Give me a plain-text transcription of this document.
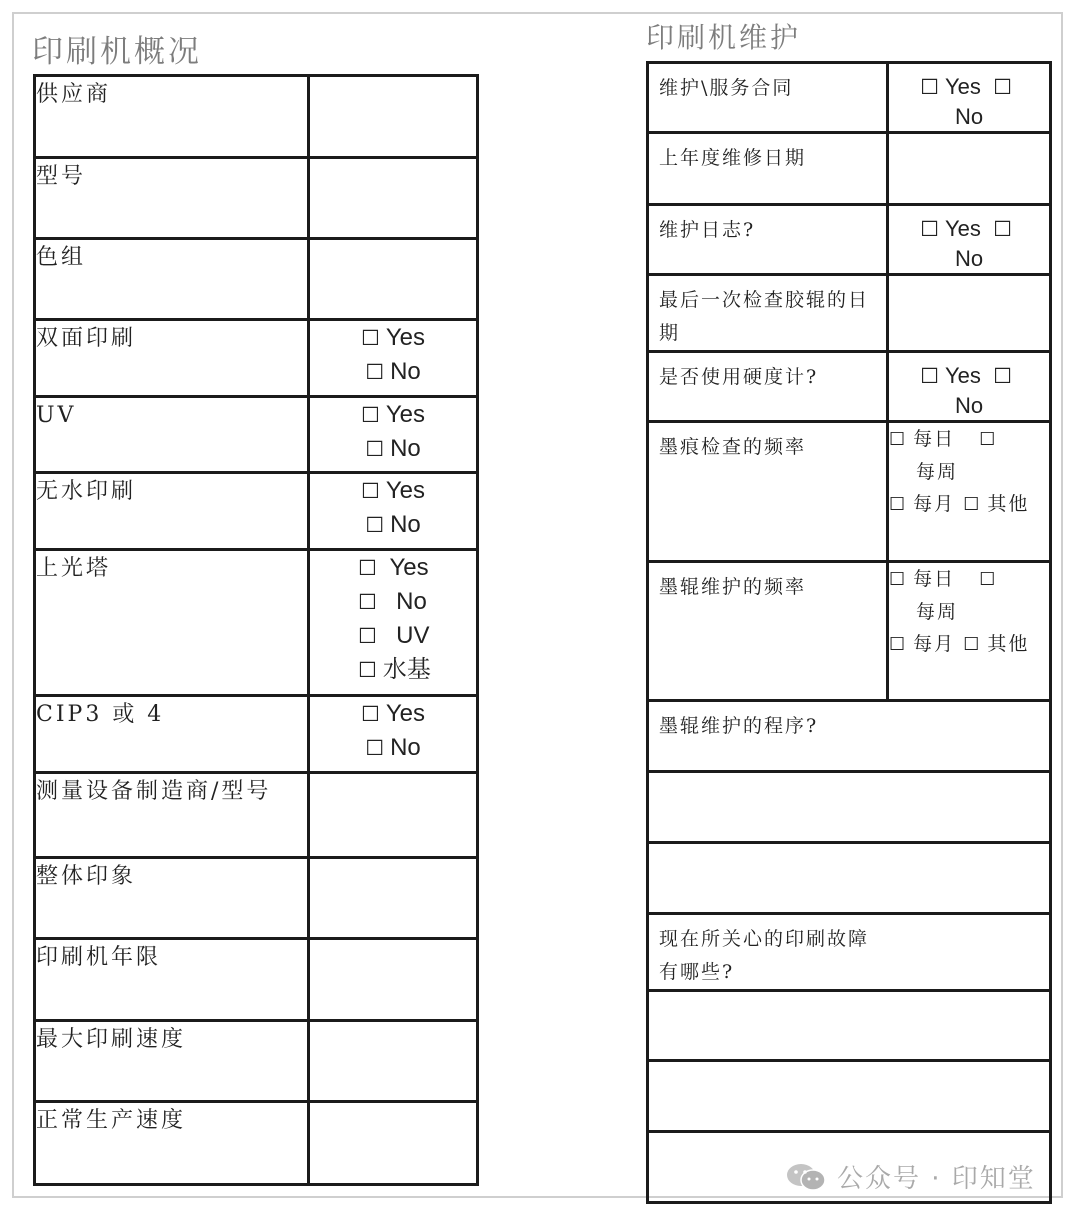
印刷机概况	印刷机维护
供应商	
型号	
色组	
双面印刷	☐ Yes
☐ No

UV	☐ Yes
☐ No

无水印刷	☐ Yes
☐ No

上光塔	☐ Yes
☐ No
☐ UV
☐ 水基

CIP3 或 4	☐ Yes
☐ No

测量设备制造商/型号	
整体印象	
印刷机年限	
最大印刷速度	
正常生产速度	
维护\服务合同	☐ Yes ☐
No

上年度维修日期	
维护日志?	☐ Yes ☐
No

最后一次检查胶辊的日期	
是否使用硬度计?	☐ Yes ☐
No

墨痕检查的频率	☐ 每日 ☐
每周
☐ 每月 ☐ 其他

墨辊维护的频率	☐ 每日 ☐
每周
☐ 每月 ☐ 其他

墨辊维护的程序?	

现在所关心的印刷故障有哪些?	

公众号 · 印知堂
